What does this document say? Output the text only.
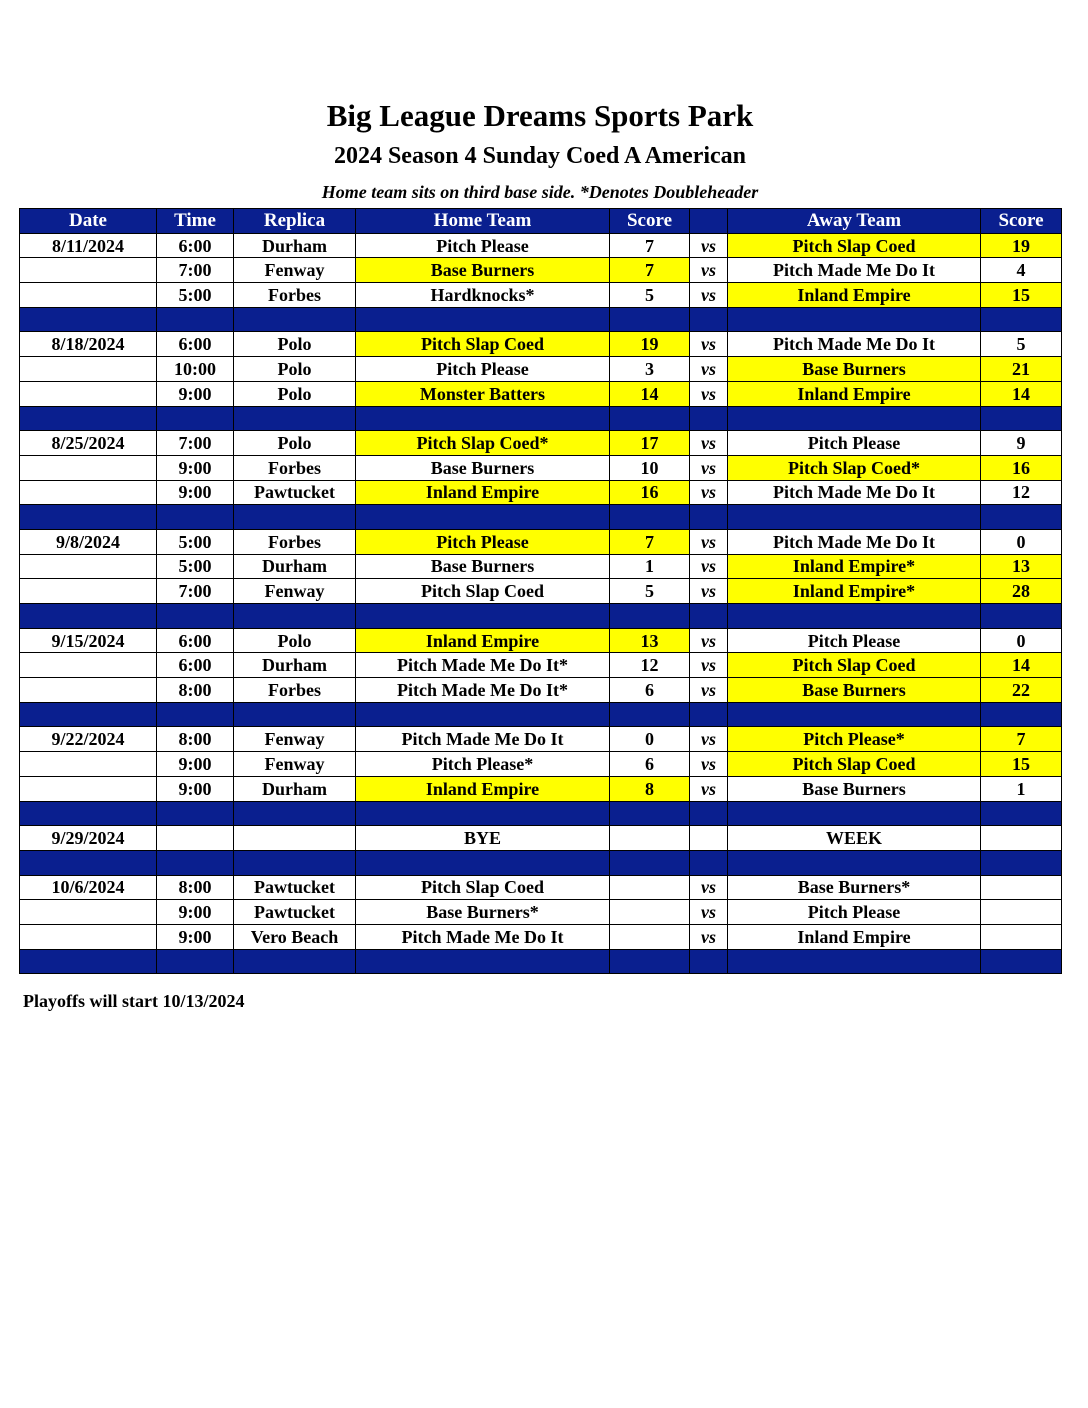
Big League Dreams Sports Park
2024 Season 4 Sunday Coed A American
Home team sits on third base side. *Denotes Doubleheader
Date	Time	Replica	Home Team	Score		Away Team	Score
8/11/2024	6:00	Durham	Pitch Please	7	vs	Pitch Slap Coed	19
	7:00	Fenway	Base Burners	7	vs	Pitch Made Me Do It	4
	5:00	Forbes	Hardknocks*	5	vs	Inland Empire	15

8/18/2024	6:00	Polo	Pitch Slap Coed	19	vs	Pitch Made Me Do It	5
	10:00	Polo	Pitch Please	3	vs	Base Burners	21
	9:00	Polo	Monster Batters	14	vs	Inland Empire	14

8/25/2024	7:00	Polo	Pitch Slap Coed*	17	vs	Pitch Please	9
	9:00	Forbes	Base Burners	10	vs	Pitch Slap Coed*	16
	9:00	Pawtucket	Inland Empire	16	vs	Pitch Made Me Do It	12

9/8/2024	5:00	Forbes	Pitch Please	7	vs	Pitch Made Me Do It	0
	5:00	Durham	Base Burners	1	vs	Inland Empire*	13
	7:00	Fenway	Pitch Slap Coed	5	vs	Inland Empire*	28

9/15/2024	6:00	Polo	Inland Empire	13	vs	Pitch Please	0
	6:00	Durham	Pitch Made Me Do It*	12	vs	Pitch Slap Coed	14
	8:00	Forbes	Pitch Made Me Do It*	6	vs	Base Burners	22

9/22/2024	8:00	Fenway	Pitch Made Me Do It	0	vs	Pitch Please*	7
	9:00	Fenway	Pitch Please*	6	vs	Pitch Slap Coed	15
	9:00	Durham	Inland Empire	8	vs	Base Burners	1

9/29/2024			BYE			WEEK	

10/6/2024	8:00	Pawtucket	Pitch Slap Coed		vs	Base Burners*	
	9:00	Pawtucket	Base Burners*		vs	Pitch Please	
	9:00	Vero Beach	Pitch Made Me Do It		vs	Inland Empire	

Playoffs will start 10/13/2024
